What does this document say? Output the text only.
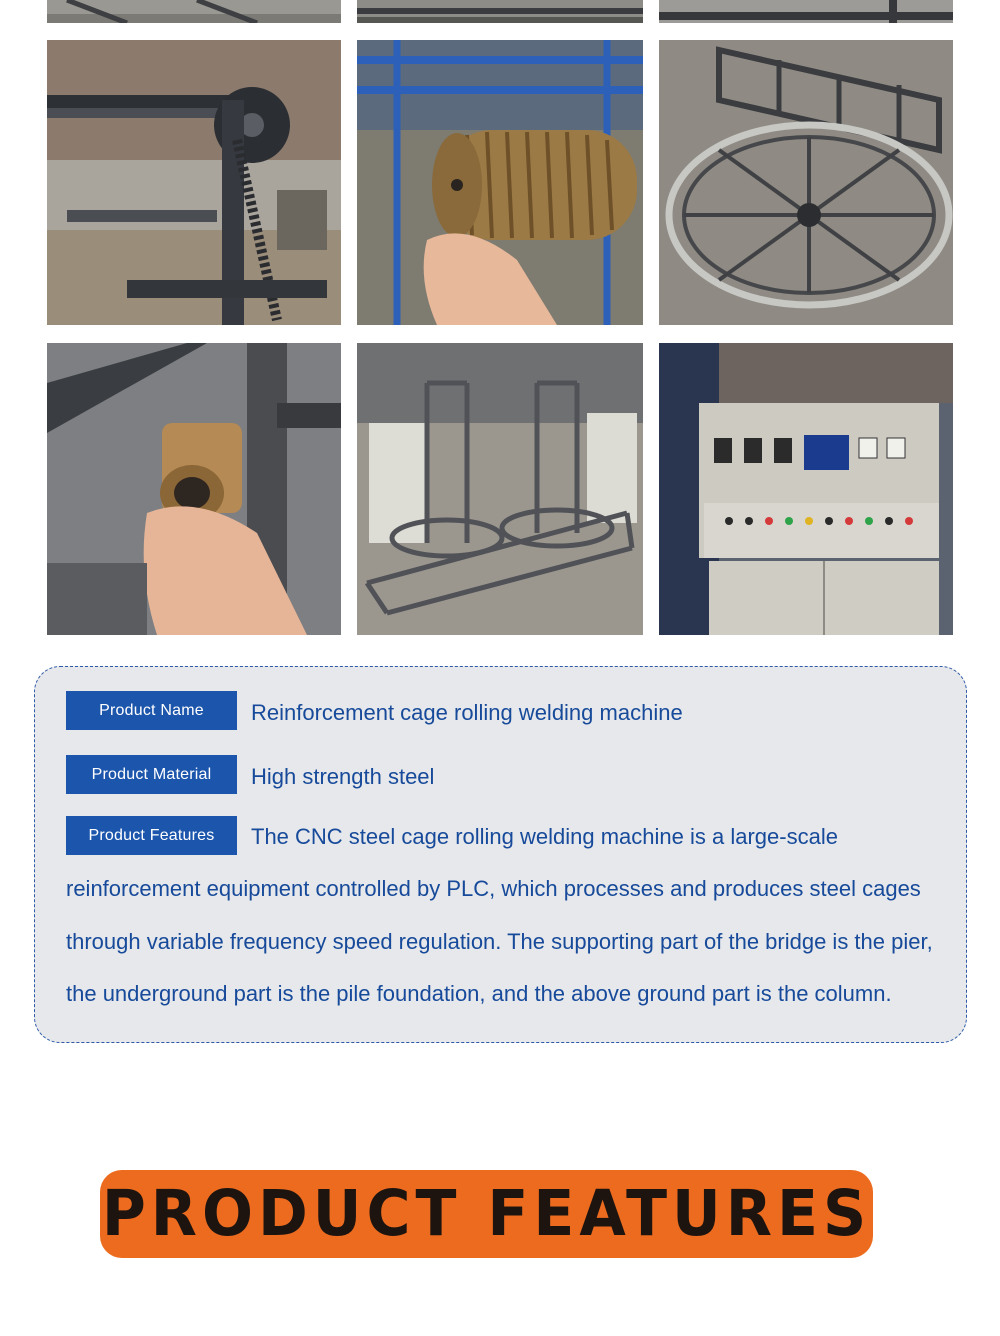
Product Name	Reinforcement cage rolling welding machine
Product Material	High strength steel
Product Features	The CNC steel cage rolling welding machine is a large-scale
reinforcement equipment controlled by PLC, which processes and produces steel cages
through variable frequency speed regulation. The supporting part of the bridge is the pier,
the underground part is the pile foundation, and the above ground part is the column.
PRODUCT FEATURES
